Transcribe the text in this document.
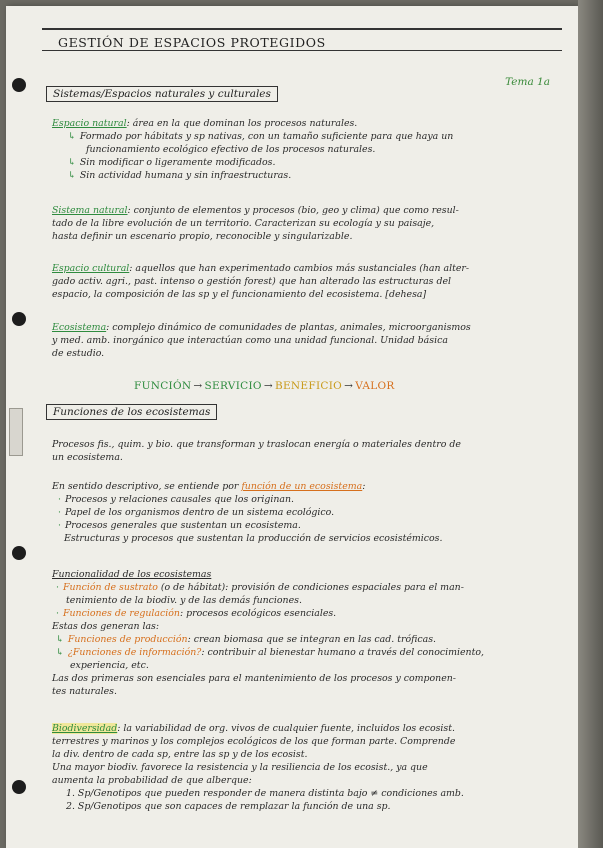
GESTIÓN DE ESPACIOS PROTEGIDOS
Tema 1a
Sistemas/Espacios naturales y culturales
Espacio natural: área en la que dominan los procesos naturales.
↳ Formado por hábitats y sp nativas, con un tamaño suficiente para que haya un
funcionamiento ecológico efectivo de los procesos naturales.
↳ Sin modificar o ligeramente modificados.
↳ Sin actividad humana y sin infraestructuras.
Sistema natural: conjunto de elementos y procesos (bio, geo y clima) que como resul-
tado de la libre evolución de un territorio. Caracterizan su ecología y su paisaje,
hasta definir un escenario propio, reconocible y singularizable.
Espacio cultural: aquellos que han experimentado cambios más sustanciales (han alter-
gado activ. agri., past. intenso o gestión forest) que han alterado las estructuras del
espacio, la composición de las sp y el funcionamiento del ecosistema. [dehesa]
Ecosistema: complejo dinámico de comunidades de plantas, animales, microorganismos
y med. amb. inorgánico que interactúan como una unidad funcional. Unidad básica
de estudio.
FUNCIÓN → SERVICIO → BENEFICIO → VALOR
Funciones de los ecosistemas
Procesos fis., quim. y bio. que transforman y traslocan energía o materiales dentro de
un ecosistema.
En sentido descriptivo, se entiende por función de un ecosistema:
· Procesos y relaciones causales que los originan.
· Papel de los organismos dentro de un sistema ecológico.
· Procesos generales que sustentan un ecosistema.
Estructuras y procesos que sustentan la producción de servicios ecosistémicos.
Funcionalidad de los ecosistemas
· Función de sustrato (o de hábitat): provisión de condiciones espaciales para el man-
tenimiento de la biodiv. y de las demás funciones.
· Funciones de regulación: procesos ecológicos esenciales.
Estas dos generan las:
↳ Funciones de producción: crean biomasa que se integran en las cad. tróficas.
↳ ¿Funciones de información?: contribuir al bienestar humano a través del conocimiento,
experiencia, etc.
Las dos primeras son esenciales para el mantenimiento de los procesos y componen-
tes naturales.
Biodiversidad: la variabilidad de org. vivos de cualquier fuente, incluidos los ecosist.
terrestres y marinos y los complejos ecológicos de los que forman parte. Comprende
la div. dentro de cada sp, entre las sp y de los ecosist.
Una mayor biodiv. favorece la resistencia y la resiliencia de los ecosist., ya que
aumenta la probabilidad de que alberque:
1. Sp/Genotipos que pueden responder de manera distinta bajo ≠ condiciones amb.
2. Sp/Genotipos que son capaces de remplazar la función de una sp.
